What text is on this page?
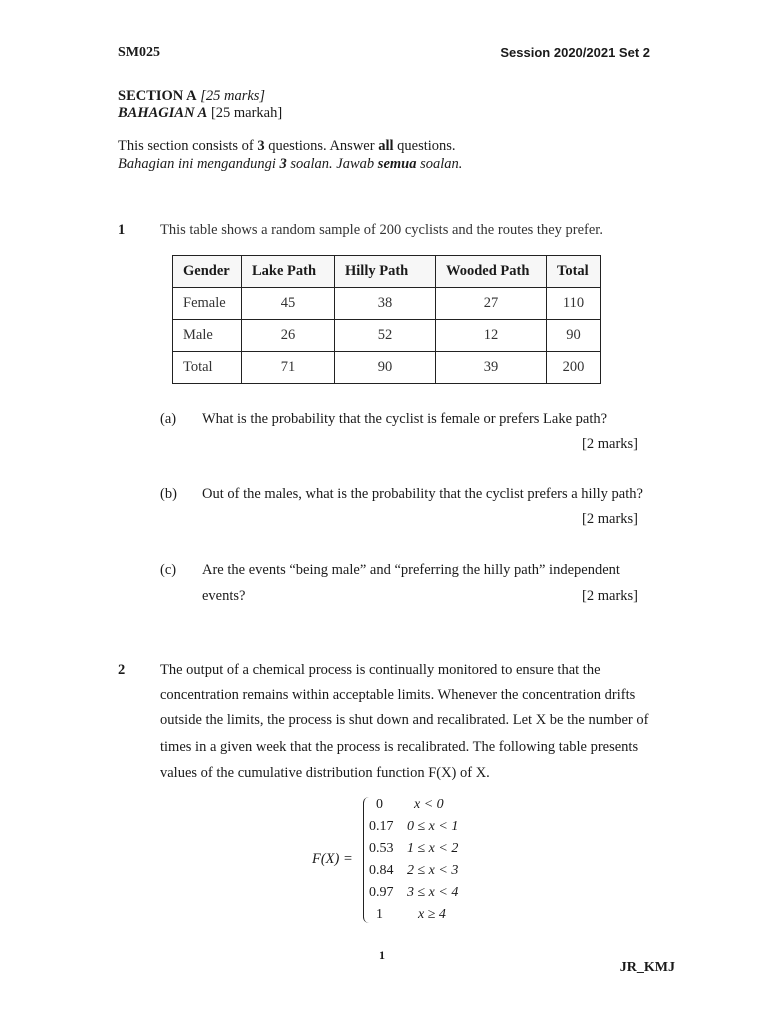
SM025	Session 2020/2021 Set 2
SECTION A [25 marks]
BAHAGIAN A [25 markah]
This section consists of 3 questions. Answer all questions.
Bahagian ini mengandungi 3 soalan. Jawab semua soalan.
1 This table shows a random sample of 200 cyclists and the routes they prefer.
Gender	Lake Path	Hilly Path	Wooded Path	Total
Female	45	38	27	110
Male	26	52	12	90
Total	71	90	39	200
(a) What is the probability that the cyclist is female or prefers Lake path?
[2 marks]
(b) Out of the males, what is the probability that the cyclist prefers a hilly path?
[2 marks]
(c) Are the events “being male” and “preferring the hilly path” independent
events?	[2 marks]
2 The output of a chemical process is continually monitored to ensure that the
concentration remains within acceptable limits. Whenever the concentration drifts
outside the limits, the process is shut down and recalibrated. Let X be the number of
times in a given week that the process is recalibrated. The following table presents
values of the cumulative distribution function F(X) of X.
F(X) =
0 x < 0
0.17 0 ≤ x < 1
0.53 1 ≤ x < 2
0.84 2 ≤ x < 3
0.97 3 ≤ x < 4
1	x ≥ 4
1
JR_KMJ
